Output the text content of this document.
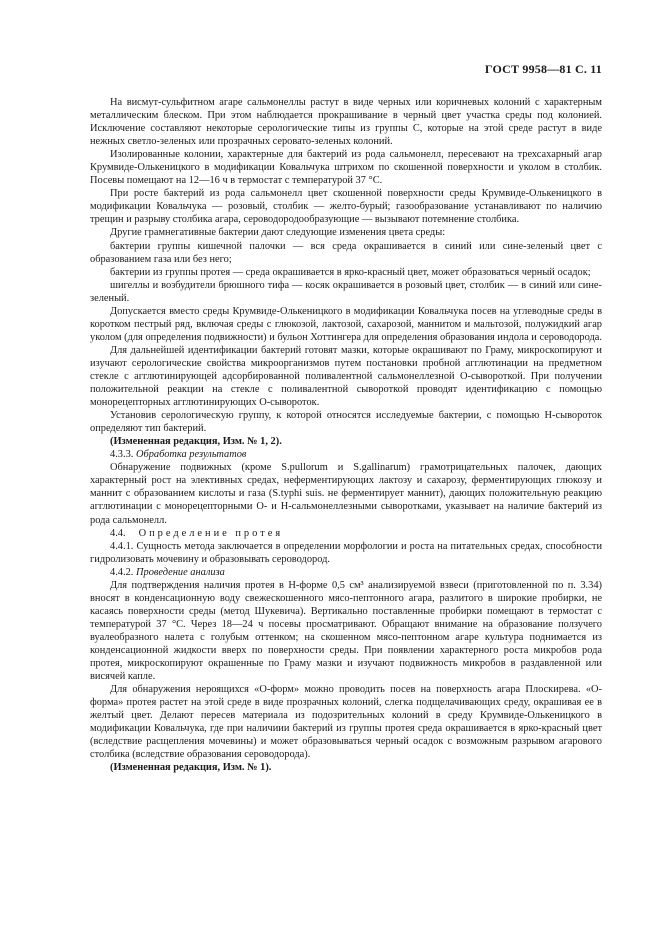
ГОСТ 9958—81 С. 11

На висмут-сульфитном агаре сальмонеллы растут в виде черных или коричневых колоний с характерным металлическим блеском. При этом наблюдается прокрашивание в черный цвет участка среды под колонией. Исключение составляют некоторые серологические типы из группы С, которые на этой среде растут в виде нежных светло-зеленых или прозрачных серовато-зеленых колоний.

Изолированные колонии, характерные для бактерий из рода сальмонелл, пересевают на трехсахарный агар Крумвиде-Олькеницкого в модификации Ковальчука штрихом по скошенной поверхности и уколом в столбик. Посевы помещают на 12—16 ч в термостат с температурой 37 °С.

При росте бактерий из рода сальмонелл цвет скошенной поверхности среды Крумвиде-Олькеницкого в модификации Ковальчука — розовый, столбик — желто-бурый; газообразование устанавливают по наличию трещин и разрыву столбика агара, сероводородообразующие — вызывают потемнение столбика.

Другие грамнегативные бактерии дают следующие изменения цвета среды:

бактерии группы кишечной палочки — вся среда окрашивается в синий или сине-зеленый цвет с образованием газа или без него;

бактерии из группы протея — среда окрашивается в ярко-красный цвет, может образоваться черный осадок;

шигеллы и возбудители брюшного тифа — косяк окрашивается в розовый цвет, столбик — в синий или сине-зеленый.

Допускается вместо среды Крумвиде-Олькеницкого в модификации Ковальчука посев на углеводные среды в коротком пестрый ряд, включая среды с глюкозой, лактозой, сахарозой, маннитом и мальтозой, полужидкий агар уколом (для определения подвижности) и бульон Хоттингера для определения образования индола и сероводорода.

Для дальнейшей идентификации бактерий готовят мазки, которые окрашивают по Граму, микроскопируют и изучают серологические свойства микроорганизмов путем постановки пробной агглютинации на предметном стекле с агглютинирующей адсорбированной поливалентной сальмонеллезной О-сывороткой. При получении положительной реакции на стекле с поливалентной сывороткой проводят идентификацию с помощью монорецепторных агглютинирующих О-сывороток.

Установив серологическую группу, к которой относятся исследуемые бактерии, с помощью Н-сывороток определяют тип бактерий.

(Измененная редакция, Изм. № 1, 2).

4.3.3. Обработка результатов

Обнаружение подвижных (кроме S.pullorum и S.gallinarum) грамотрицательных палочек, дающих характерный рост на элективных средах, неферментирующих лактозу и сахарозу, ферментирующих глюкозу и маннит с образованием кислоты и газа (S.typhi suis. не ферментирует маннит), дающих положительную реакцию агглютинации с монорецепторными О- и Н-сальмонеллезными сыворотками, указывает на наличие бактерий из рода сальмонелл.

4.4. Определение протея

4.4.1. Сущность метода заключается в определении морфологии и роста на питательных средах, способности гидролизовать мочевину и образовывать сероводород.

4.4.2. Проведение анализа

Для подтверждения наличия протея в Н-форме 0,5 см³ анализируемой взвеси (приготовленной по п. 3.34) вносят в конденсационную воду свежескошенного мясо-пептонного агара, разлитого в широкие пробирки, не касаясь поверхности среды (метод Шукевича). Вертикально поставленные пробирки помещают в термостат с температурой 37 °С. Через 18—24 ч посевы просматривают. Обращают внимание на образование ползучего вуалеобразного налета с голубым оттенком; на скошенном мясо-пептонном агаре культура поднимается из конденсационной жидкости вверх по поверхности среды. При появлении характерного роста микробов рода протея, микроскопируют окрашенные по Граму мазки и изучают подвижность микробов в раздавленной или висячей капле.

Для обнаружения нероящихся «О-форм» можно проводить посев на поверхность агара Плоскирева. «О-форма» протея растет на этой среде в виде прозрачных колоний, слегка подщелачивающих среду, окрашивая ее в желтый цвет. Делают пересев материала из подозрительных колоний в среду Крумвиде-Олькеницкого в модификации Ковальчука, где при наличиии бактерий из группы протея среда окрашивается в ярко-красный цвет (вследствие расщепления мочевины) и может образовываться черный осадок с возможным разрывом агарового столбика (вследствие образования сероводорода).

(Измененная редакция, Изм. № 1).
